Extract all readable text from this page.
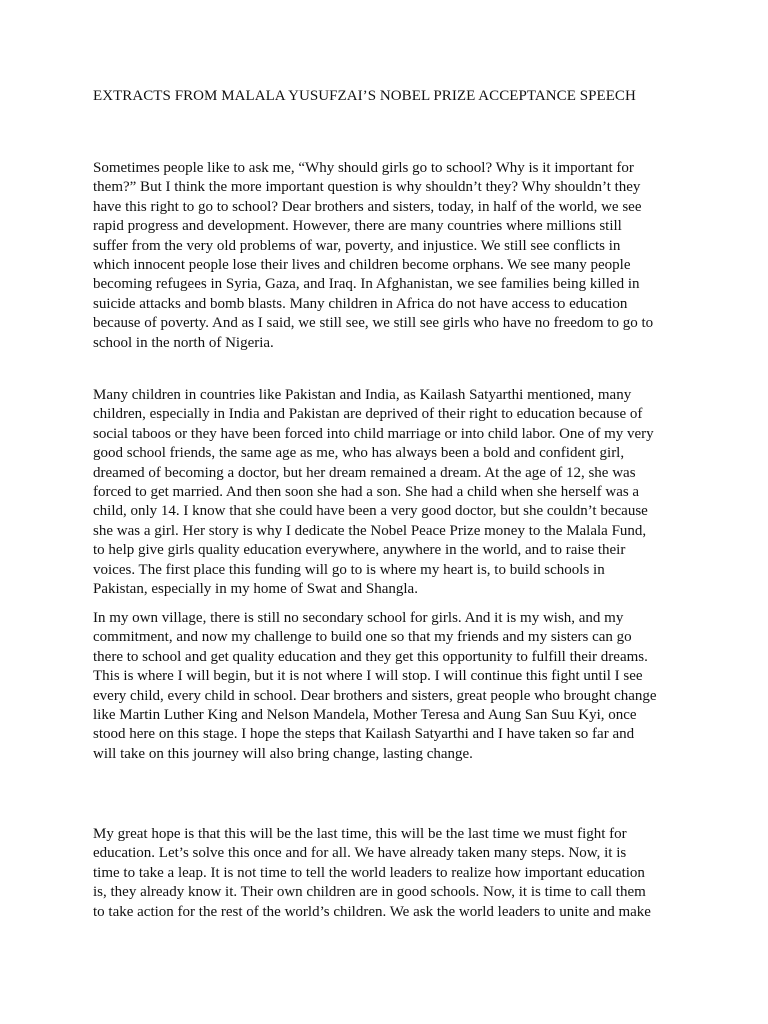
EXTRACTS FROM MALALA YUSUFZAI’S NOBEL PRIZE ACCEPTANCE SPEECH
Sometimes people like to ask me, “Why should girls go to school? Why is it important for
them?” But I think the more important question is why shouldn’t they? Why shouldn’t they
have this right to go to school? Dear brothers and sisters, today, in half of the world, we see
rapid progress and development. However, there are many countries where millions still
suffer from the very old problems of war, poverty, and injustice. We still see conflicts in
which innocent people lose their lives and children become orphans. We see many people
becoming refugees in Syria, Gaza, and Iraq. In Afghanistan, we see families being killed in
suicide attacks and bomb blasts. Many children in Africa do not have access to education
because of poverty. And as I said, we still see, we still see girls who have no freedom to go to
school in the north of Nigeria.
Many children in countries like Pakistan and India, as Kailash Satyarthi mentioned, many
children, especially in India and Pakistan are deprived of their right to education because of
social taboos or they have been forced into child marriage or into child labor. One of my very
good school friends, the same age as me, who has always been a bold and confident girl,
dreamed of becoming a doctor, but her dream remained a dream. At the age of 12, she was
forced to get married. And then soon she had a son. She had a child when she herself was a
child, only 14. I know that she could have been a very good doctor, but she couldn’t because
she was a girl. Her story is why I dedicate the Nobel Peace Prize money to the Malala Fund,
to help give girls quality education everywhere, anywhere in the world, and to raise their
voices. The first place this funding will go to is where my heart is, to build schools in
Pakistan, especially in my home of Swat and Shangla.
In my own village, there is still no secondary school for girls. And it is my wish, and my
commitment, and now my challenge to build one so that my friends and my sisters can go
there to school and get quality education and they get this opportunity to fulfill their dreams.
This is where I will begin, but it is not where I will stop. I will continue this fight until I see
every child, every child in school. Dear brothers and sisters, great people who brought change
like Martin Luther King and Nelson Mandela, Mother Teresa and Aung San Suu Kyi, once
stood here on this stage. I hope the steps that Kailash Satyarthi and I have taken so far and
will take on this journey will also bring change, lasting change.
My great hope is that this will be the last time, this will be the last time we must fight for
education. Let’s solve this once and for all. We have already taken many steps. Now, it is
time to take a leap. It is not time to tell the world leaders to realize how important education
is, they already know it. Their own children are in good schools. Now, it is time to call them
to take action for the rest of the world’s children. We ask the world leaders to unite and make
